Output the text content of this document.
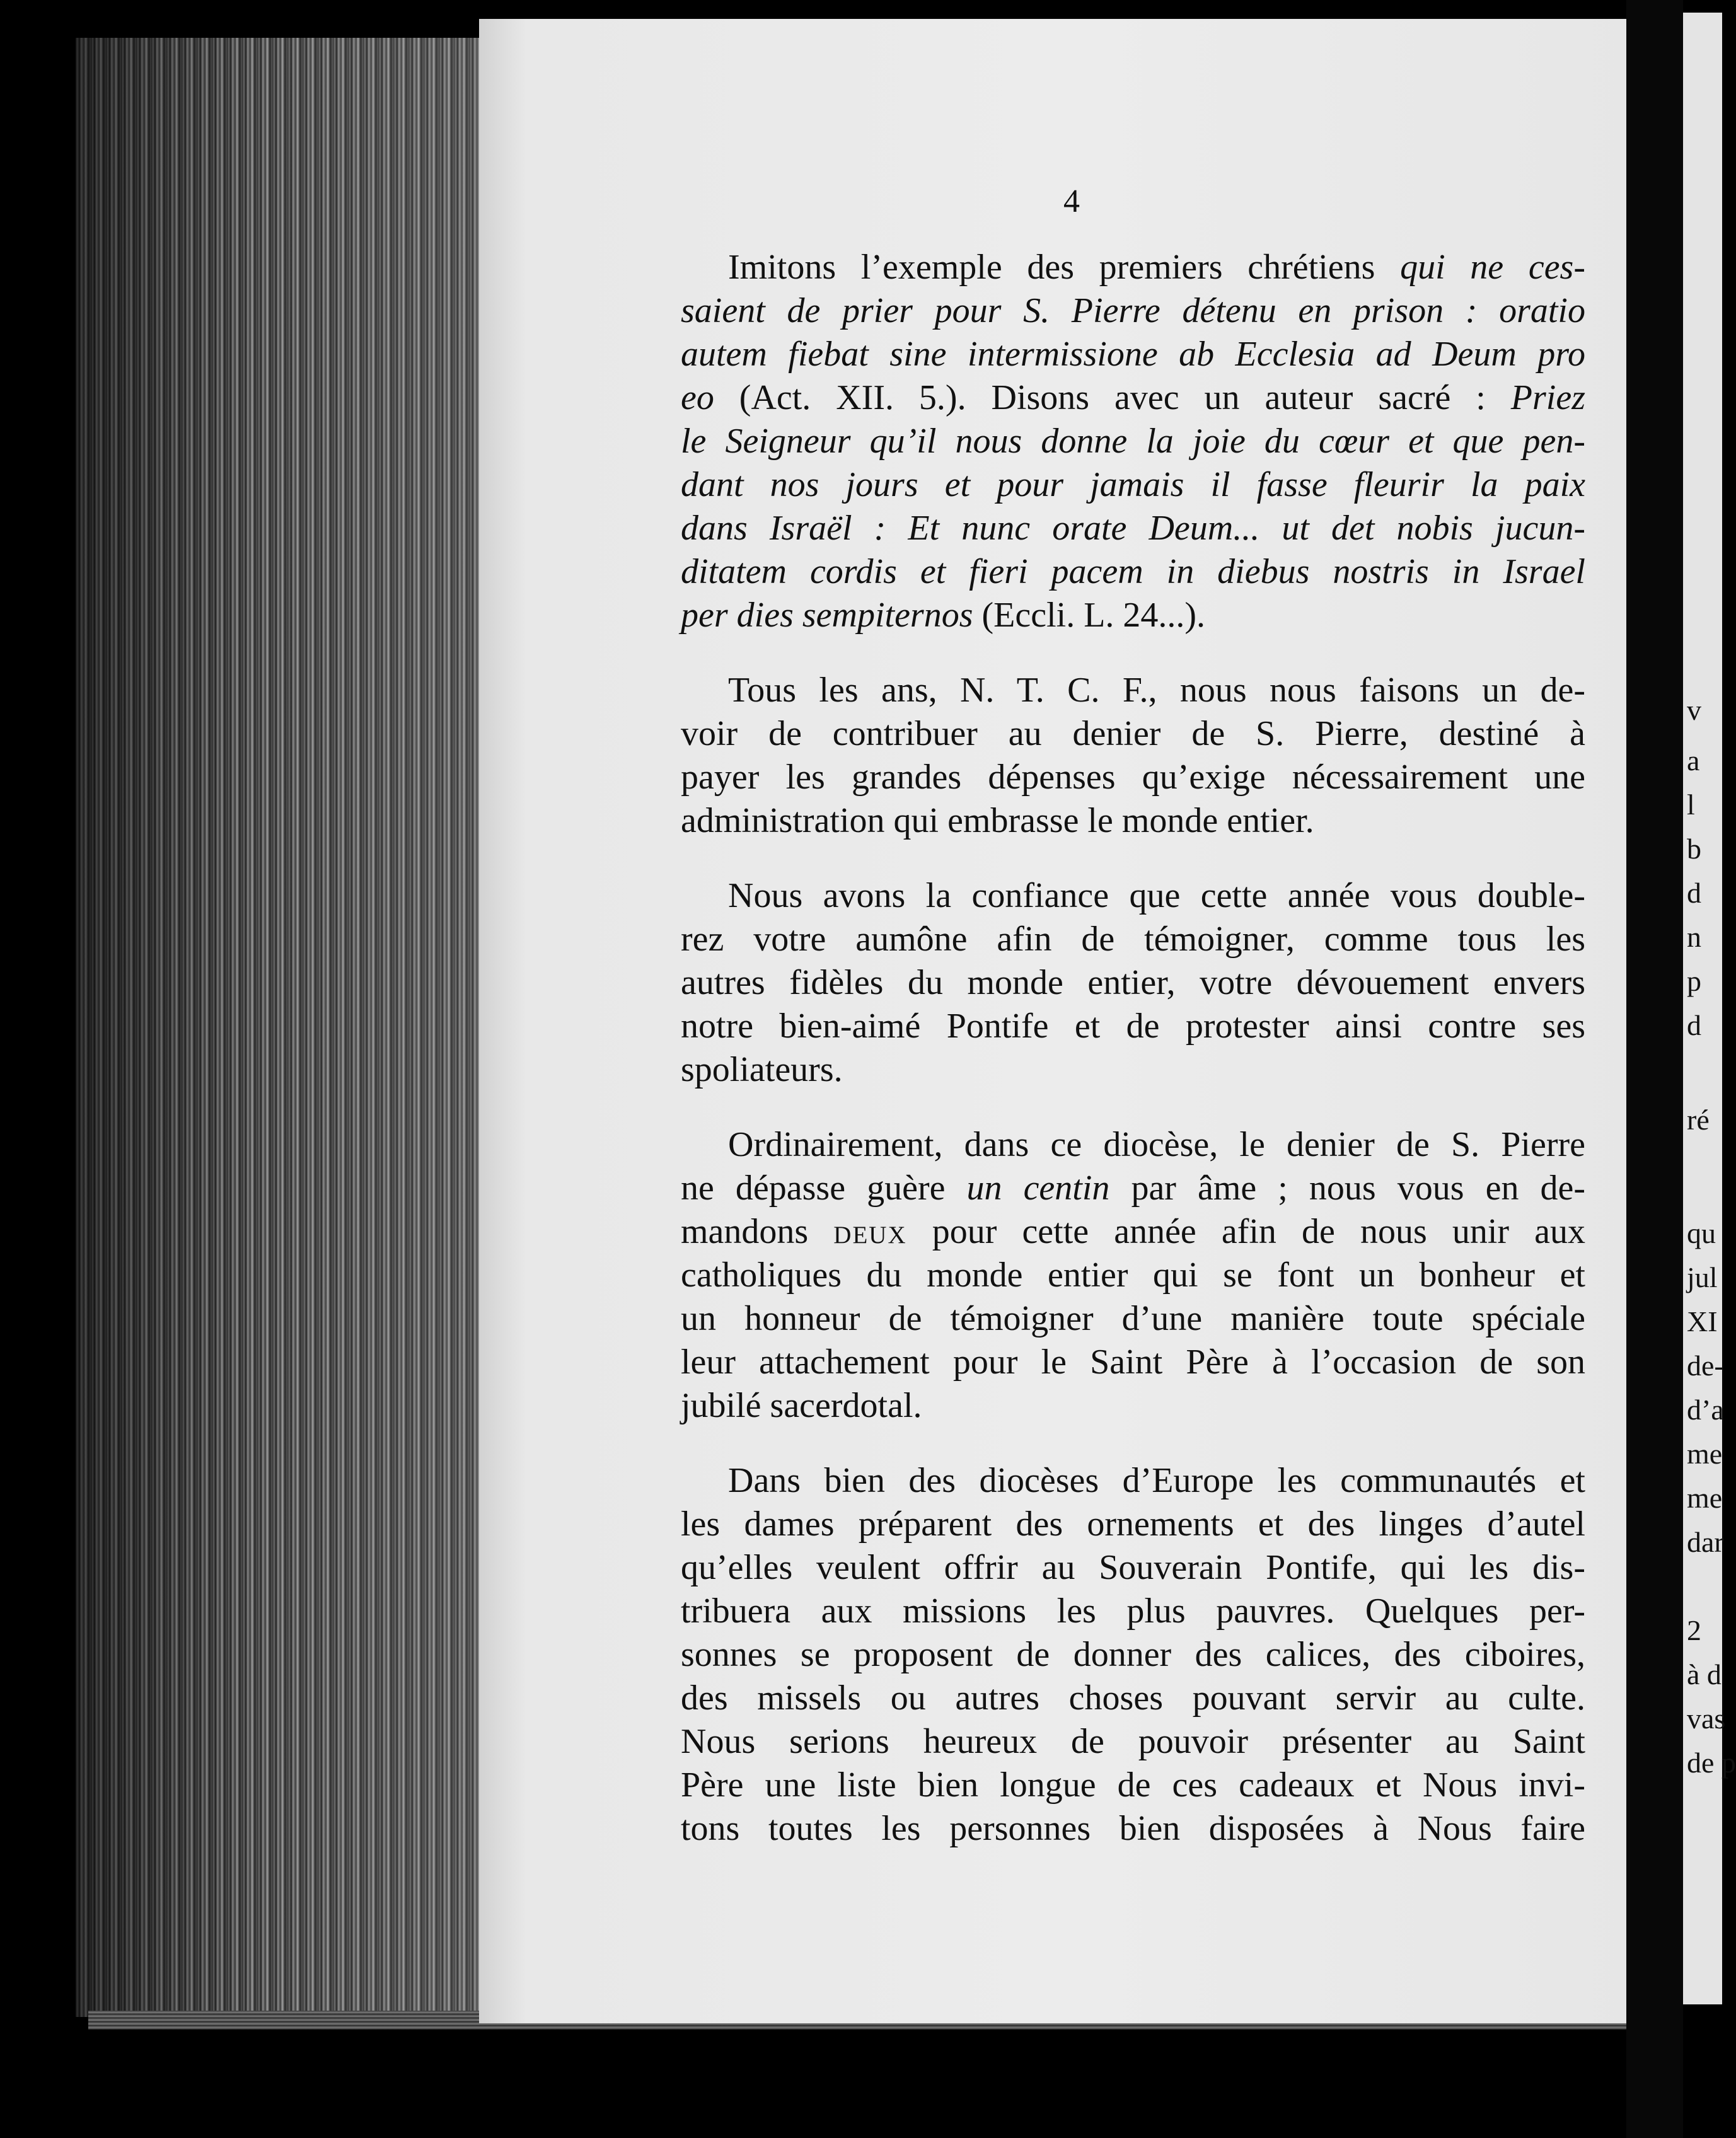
4
Imitons l’exemple des premiers chrétiens qui ne ces-
saient de prier pour S. Pierre détenu en prison : oratio
autem fiebat sine intermissione ab Ecclesia ad Deum pro
eo (Act. XII. 5.). Disons avec un auteur sacré : Priez
le Seigneur qu’il nous donne la joie du cœur et que pen-
dant nos jours et pour jamais il fasse fleurir la paix
dans Israël : Et nunc orate Deum... ut det nobis jucun-
ditatem cordis et fieri pacem in diebus nostris in Israel
per dies sempiternos (Eccli. L. 24...).
Tous les ans, N. T. C. F., nous nous faisons un de-
voir de contribuer au denier de S. Pierre, destiné à
payer les grandes dépenses qu’exige nécessairement une
administration qui embrasse le monde entier.
Nous avons la confiance que cette année vous double-
rez votre aumône afin de témoigner, comme tous les
autres fidèles du monde entier, votre dévouement envers
notre bien-aimé Pontife et de protester ainsi contre ses
spoliateurs.
Ordinairement, dans ce diocèse, le denier de S. Pierre
ne dépasse guère un centin par âme ; nous vous en de-
mandons deux pour cette année afin de nous unir aux
catholiques du monde entier qui se font un bonheur et
un honneur de témoigner d’une manière toute spéciale
leur attachement pour le Saint Père à l’occasion de son
jubilé sacerdotal.
Dans bien des diocèses d’Europe les communautés et
les dames préparent des ornements et des linges d’autel
qu’elles veulent offrir au Souverain Pontife, qui les dis-
tribuera aux missions les plus pauvres. Quelques per-
sonnes se proposent de donner des calices, des ciboires,
des missels ou autres choses pouvant servir au culte.
Nous serions heureux de pouvoir présenter au Saint
Père une liste bien longue de ces cadeaux et Nous invi-
tons toutes les personnes bien disposées à Nous faire
v
a
l
b
d
n
p
d
ré
qu
jul
XI
de-
d’a
me
me
dar
2
à d
vas
de p
